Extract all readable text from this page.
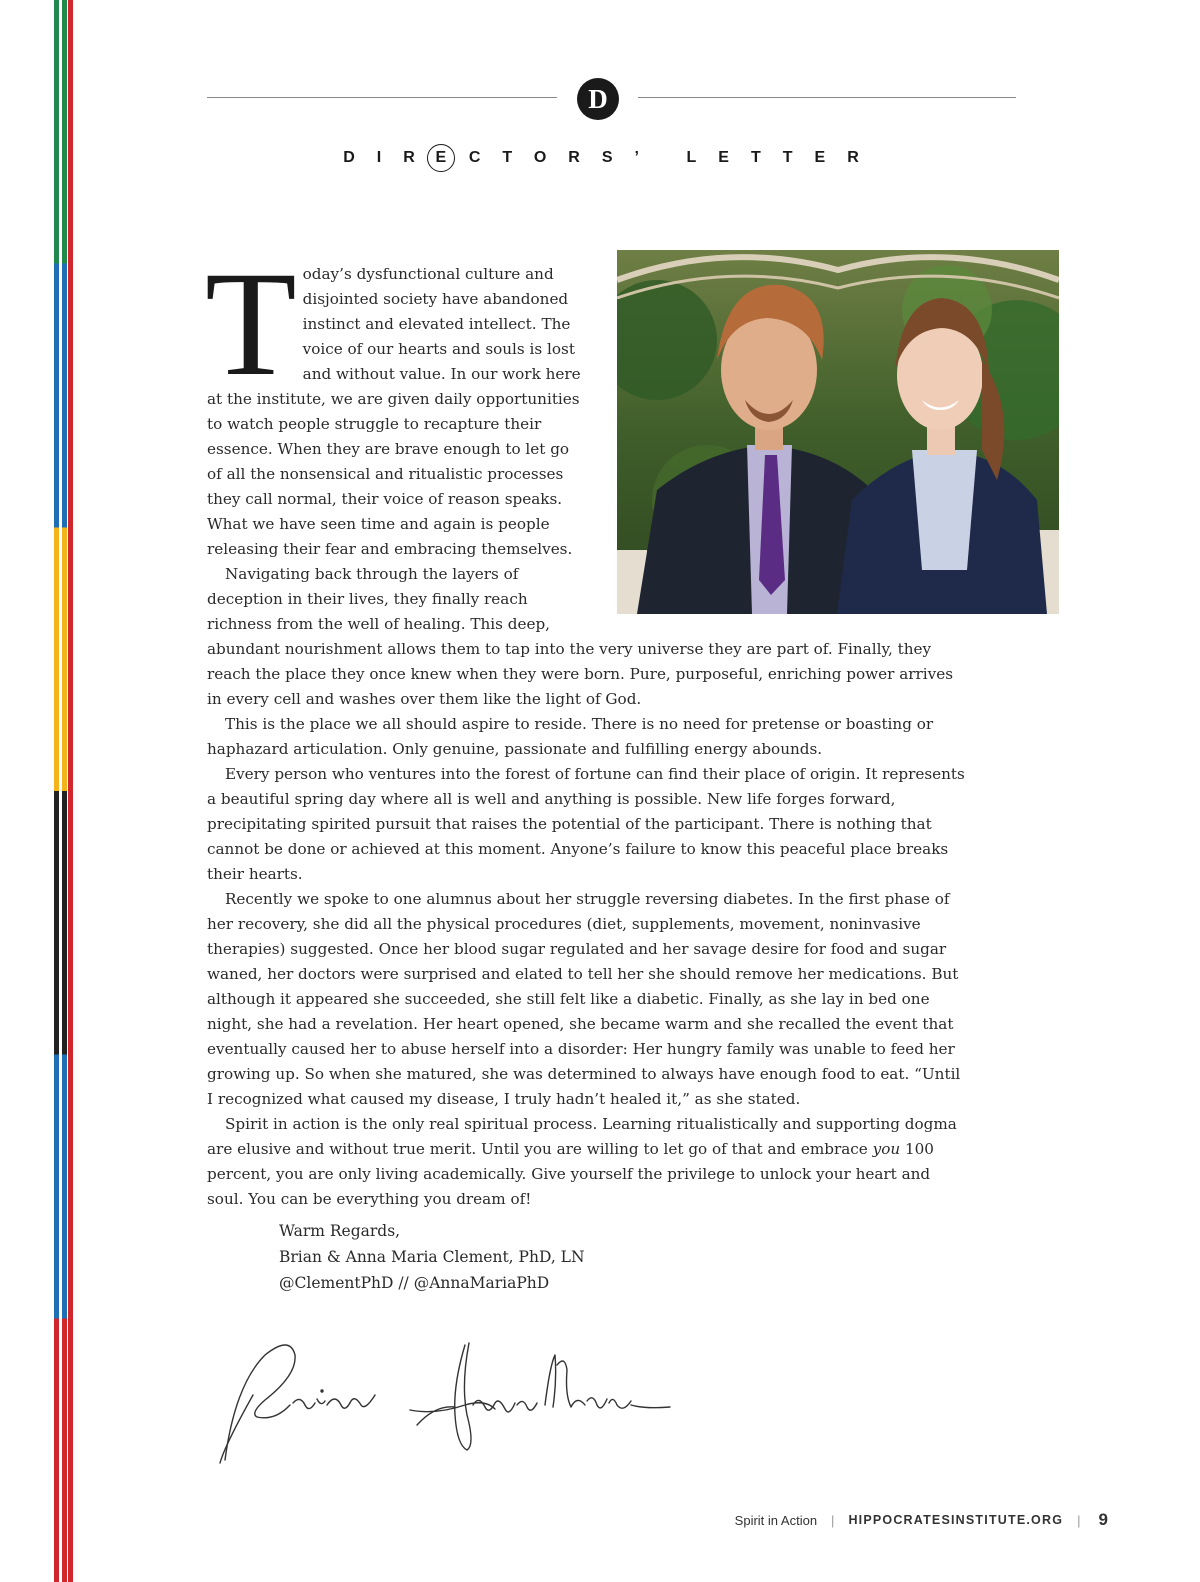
D
DIRE CTORS’ LETTER

Today’s dysfunctional culture and disjointed society have abandoned instinct and elevated intellect. The voice of our hearts and souls is lost and without value. In our work here at the institute, we are given daily opportunities to watch people struggle to recapture their essence. When they are brave enough to let go of all the nonsensical and ritualistic processes they call normal, their voice of reason speaks. What we have seen time and again is people releasing their fear and embracing themselves.

Navigating back through the layers of deception in their lives, they finally reach richness from the well of healing. This deep, abundant nourishment allows them to tap into the very universe they are part of. Finally, they reach the place they once knew when they were born. Pure, purposeful, enriching power arrives in every cell and washes over them like the light of God.

This is the place we all should aspire to reside. There is no need for pretense or boasting or haphazard articulation. Only genuine, passionate and fulfilling energy abounds.

Every person who ventures into the forest of fortune can find their place of origin. It represents a beautiful spring day where all is well and anything is possible. New life forges forward, precipitating spirited pursuit that raises the potential of the participant. There is nothing that cannot be done or achieved at this moment. Anyone’s failure to know this peaceful place breaks their hearts.

Recently we spoke to one alumnus about her struggle reversing diabetes. In the first phase of her recovery, she did all the physical procedures (diet, supplements, movement, noninvasive therapies) suggested. Once her blood sugar regulated and her savage desire for food and sugar waned, her doctors were surprised and elated to tell her she should remove her medications. But although it appeared she succeeded, she still felt like a diabetic. Finally, as she lay in bed one night, she had a revelation. Her heart opened, she became warm and she recalled the event that eventually caused her to abuse herself into a disorder: Her hungry family was unable to feed her growing up. So when she matured, she was determined to always have enough food to eat. “Until I recognized what caused my disease, I truly hadn’t healed it,” as she stated.

Spirit in action is the only real spiritual process. Learning ritualistically and supporting dogma are elusive and without true merit. Until you are willing to let go of that and embrace you 100 percent, you are only living academically. Give yourself the privilege to unlock your heart and soul. You can be everything you dream of!

Warm Regards,
Brian & Anna Maria Clement, PhD, LN
@ClementPhD // @AnnaMariaPhD
Brian Anna Maria
Spirit in Action | HIPPOCRATESINSTITUTE.ORG | 9
